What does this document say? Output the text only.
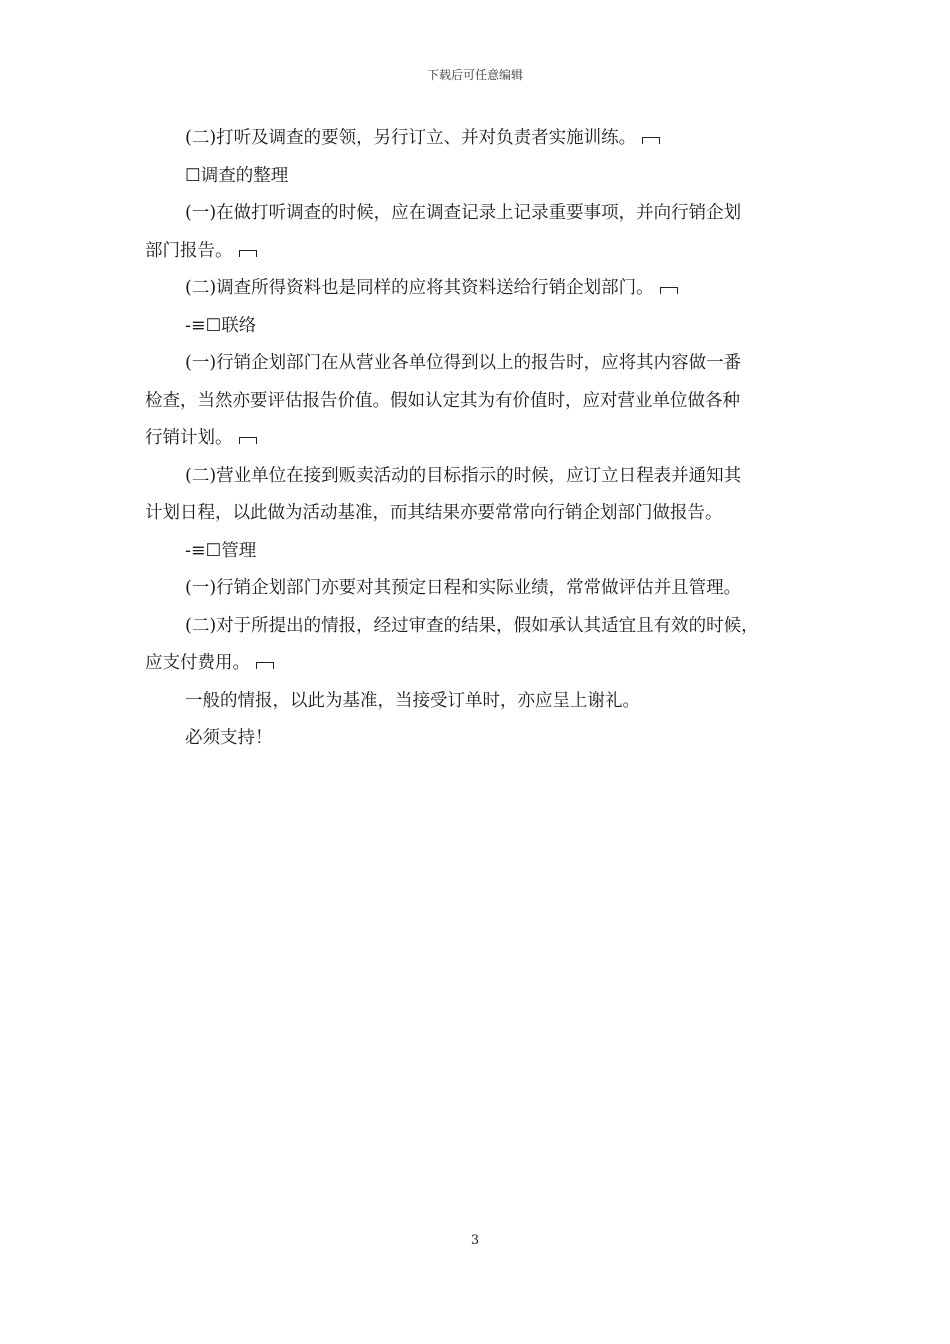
下载后可任意编辑
(二)打听及调查的要领，另行订立、并对负责者实施训练。
☐调查的整理
(一)在做打听调查的时候，应在调查记录上记录重要事项，并向行销企划
部门报告。
(二)调查所得资料也是同样的应将其资料送给行销企划部门。
-≡☐联络
(一)行销企划部门在从营业各单位得到以上的报告时，应将其内容做一番
检查，当然亦要评估报告价值。假如认定其为有价值时，应对营业单位做各种
行销计划。
(二)营业单位在接到贩卖活动的目标指示的时候，应订立日程表并通知其
计划日程，以此做为活动基准，而其结果亦要常常向行销企划部门做报告。
-≡☐管理
(一)行销企划部门亦要对其预定日程和实际业绩，常常做评估并且管理。
(二)对于所提出的情报，经过审查的结果，假如承认其适宜且有效的时候，
应支付费用。
一般的情报，以此为基准，当接受订单时，亦应呈上谢礼。
必须支持！
3
